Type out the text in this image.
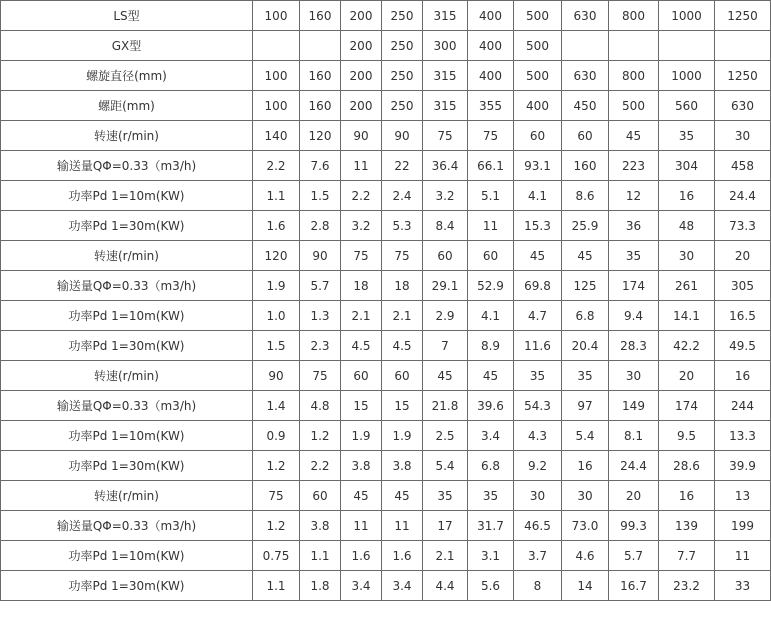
LS型	100	160	200	250	315	400	500	630	800	1000	1250
GX型			200	250	300	400	500				
螺旋直径(mm)	100	160	200	250	315	400	500	630	800	1000	1250
螺距(mm)	100	160	200	250	315	355	400	450	500	560	630
转速(r/min)	140	120	90	90	75	75	60	60	45	35	30
输送量QΦ=0.33（m3/h)	2.2	7.6	11	22	36.4	66.1	93.1	160	223	304	458
功率Pd 1=10m(KW)	1.1	1.5	2.2	2.4	3.2	5.1	4.1	8.6	12	16	24.4
功率Pd 1=30m(KW)	1.6	2.8	3.2	5.3	8.4	11	15.3	25.9	36	48	73.3
转速(r/min)	120	90	75	75	60	60	45	45	35	30	20
输送量QΦ=0.33（m3/h)	1.9	5.7	18	18	29.1	52.9	69.8	125	174	261	305
功率Pd 1=10m(KW)	1.0	1.3	2.1	2.1	2.9	4.1	4.7	6.8	9.4	14.1	16.5
功率Pd 1=30m(KW)	1.5	2.3	4.5	4.5	7	8.9	11.6	20.4	28.3	42.2	49.5
转速(r/min)	90	75	60	60	45	45	35	35	30	20	16
输送量QΦ=0.33（m3/h)	1.4	4.8	15	15	21.8	39.6	54.3	97	149	174	244
功率Pd 1=10m(KW)	0.9	1.2	1.9	1.9	2.5	3.4	4.3	5.4	8.1	9.5	13.3
功率Pd 1=30m(KW)	1.2	2.2	3.8	3.8	5.4	6.8	9.2	16	24.4	28.6	39.9
转速(r/min)	75	60	45	45	35	35	30	30	20	16	13
输送量QΦ=0.33（m3/h)	1.2	3.8	11	11	17	31.7	46.5	73.0	99.3	139	199
功率Pd 1=10m(KW)	0.75	1.1	1.6	1.6	2.1	3.1	3.7	4.6	5.7	7.7	11
功率Pd 1=30m(KW)	1.1	1.8	3.4	3.4	4.4	5.6	8	14	16.7	23.2	33
